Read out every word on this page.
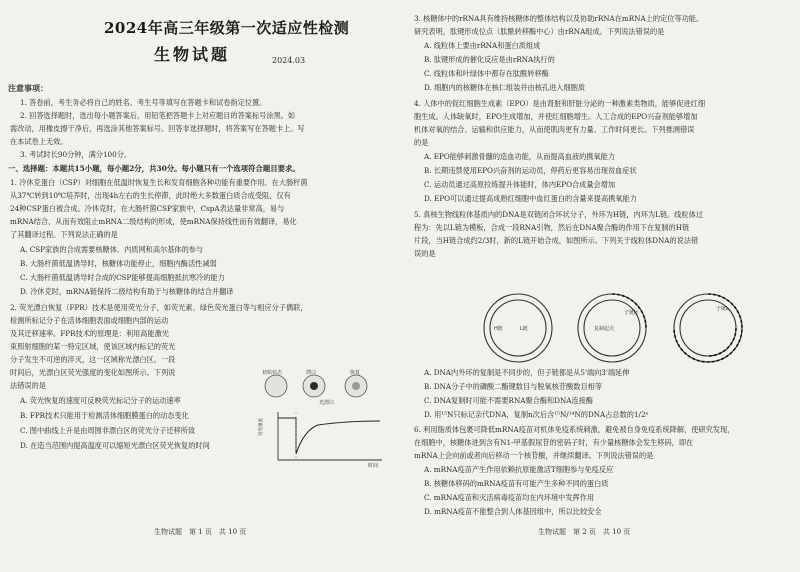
2024年高三年级第一次适应性检测
生物试题	2024.03
注意事项：
1. 答卷前，考生务必将自己的姓名、考生号等填写在答题卡和试卷指定位置。
2. 回答选择题时，选出每小题答案后，用铅笔把答题卡上对应题目的答案标号涂黑。如
需改动，用橡皮擦干净后，再选涂其他答案标号。回答非选择题时，将答案写在答题卡上。写
在本试卷上无效。
3. 考试时长90分钟，满分100分。
一、选择题：本题共15小题，每小题2分，共30分。每小题只有一个选项符合题目要求。
1. 冷休克蛋白（CSP）对细胞在低温时恢复生长和发育细胞各种功能有重要作用。在大肠杆菌
从37℃转到10℃培养时，出现4h左右的生长停滞，此时绝大多数蛋白质合成受阻，仅有
24种CSP蛋白被合成。冷休克时，在大肠杆菌CSP家族中，CspA表达量非常高，易与
mRNA结合，从而有效阻止mRNA二级结构的形成，使mRNA保持线性而有效翻译，易化
了其翻译过程。下列说法正确的是
A. CSP家族的合成需要核糖体、内质网和高尔基体的参与
B. 大肠杆菌低温诱导时，核糖体功能停止，细胞内酶活性减弱
C. 大肠杆菌低温诱导时合成的CSP能够提高细胞抵抗寒冷的能力
D. 冷休克时，mRNA链保持二级结构有助于与核糖体的结合并翻译
2. 荧光漂白恢复（FPR）技术是使用荧光分子，如荧光素、绿色荧光蛋白等与相应分子偶联，
检测所标记分子在活体细胞表面或细胞内部的运动
及其迁移速率。FPR技术的原理是：利用高能激光
束照射细胞的某一特定区域，使该区域内标记的荧光
分子发生不可逆的淬灭，这一区域称光漂白区。一段
时间后，光漂白区荧光强度的变化如图所示。下列说
法错误的是
初始状态	漂白
光漂白
恢复
荧光强度
时间
A. 荧光恢复的速度可反映荧光标记分子的运动速率
B. FPR技术只能用于检测活体细胞膜蛋白的动态变化
C. 图中曲线上升是由周围非漂白区的荧光分子迁移所致
D. 在造当范围内提高温度可以缩短光漂白区荧光恢复的时间
生物试题　第 1 页　共 10 页
3. 核糖体中的rRNA具有维持核糖体的整体结构以及协助rRNA在mRNA上的定位等功能。
研究表明，肽键形成位点（肽酰转移酶中心）由rRNA组成。下列说法错误的是
A. 线粒体上要由rRNA和蛋白质组成
B. 肽键形成的催化反应是由rRNA执行的
C. 线粒体和叶绿体中都存在肽酰转移酶
D. 细胞内的核糖体在核仁组装并由核孔进入细胞质
4. 人体中的促红细胞生成素（EPO）是由肾脏和肝脏分泌的一种激素类物质，能够促进红细
胞生成。人体缺氧时，EPO生成增加，并使红细胞增生。人工合成的EPO兴奋剂能够增加
机体对氧的结合、运输和供应能力，从而使肌肉更有力量、工作时间更长。下列推测错误
的是
A. EPO能够刺激骨髓的造血功能，从而提高血液的携氧能力
B. 长期违禁使用EPO兴奋剂的运动员，停药后更容易出现贫血症状
C. 运动员通过高原拉练提升体能时，体内EPO合成量会增加
D. EPO可以通过提高成熟红细胞中血红蛋白的含量来提高携氧能力
5. 真核生物线粒体基质内的DNA是双链闭合环状分子，外环为H链，内环为L链。线粒体过
程为：先以L链为模板，合成一段RNA引物，然后在DNA聚合酶的作用下在复制的H链
片段，当H链合成约2/3时，新的L链开始合成，如图所示。下列关于线粒体DNA的说法错
误的是
H链	L链
子链H
复制起点
子链L
A. DNA内外环的复制是不同步的，但子链都是从5'端向3'端延伸
B. DNA分子中的磷酸二酯键数目与脱氧核苷酸数目相等
C. DNA复制时可能不需要RNA聚合酶和DNA连接酶
D. 用¹⁵N只标记亲代DNA，复制n次后含¹⁵N/¹⁴N的DNA占总数的1/2ⁿ
6. 利用脂质体包裹可降低mRNA疫苗对机体免疫系统刺激，避免被自身免疫系统降解，使研究发现，
在细胞中，核糖体进到含有N1-甲基假尿苷的密码子时，有少量核糖体会发生移码，即在
mRNA上会向前或者向后移动一个核苷酸，并继续翻译。下列说法错误的是
A. mRNA疫苗产生作用依赖抗原能激活T细胞参与免疫反应
B. 核糖体移码的mRNA疫苗有可能产生多种不同的蛋白质
C. mRNA疫苗和灭活病毒疫苗均在内环境中发挥作用
D. mRNA疫苗不能整合到人体基因组中，所以比较安全
生物试题　第 2 页　共 10 页
